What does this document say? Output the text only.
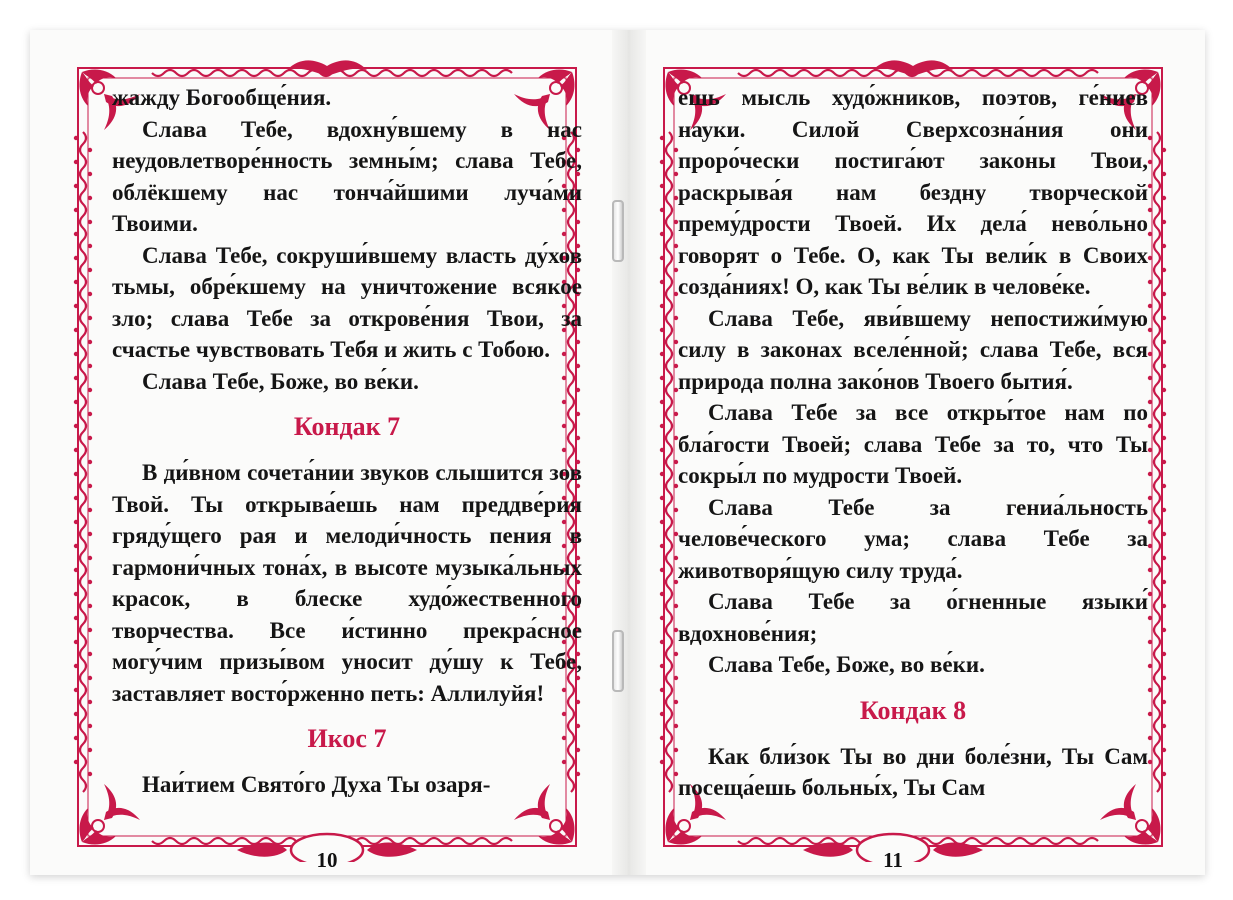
жажду Богообще́ния.

Слава Тебе, вдохну́вшему в нас неудовлетворе́нность земны́м; слава Тебе, облёкшему нас тонча́йшими луча́ми Твоими.

Слава Тебе, сокруши́вшему власть ду́хов тьмы, обре́кшему на уничтожение всякое зло; слава Тебе за открове́ния Твои, за счастье чувствовать Тебя и жить с Тобою.

Слава Тебе, Боже, во ве́ки.

Кондак 7

В ди́вном сочета́нии звуков слышится зов Твой. Ты открыва́ешь нам преддве́рия гряду́щего рая и мелоди́чность пения в гармони́чных тона́х, в высоте музыка́льных красок, в блеске худо́жественного творчества. Все и́стинно прекра́сное могу́чим призы́вом уносит ду́шу к Тебе, заставляет восто́рженно петь: Аллилуйя!

Икос 7

Наи́тием Свято́го Духа Ты озаря-

10

ешь мысль худо́жников, поэтов, ге́ниев науки. Силой Сверхсозна́ния они проро́чески постига́ют законы Твои, раскрыва́я нам бездну творческой прему́дрости Твоей. Их дела́ нево́льно говорят о Тебе. О, как Ты вели́к в Своих созда́ниях! О, как Ты ве́лик в челове́ке.

Слава Тебе, яви́вшему непостижи́мую силу в законах вселе́нной; слава Тебе, вся природа полна зако́нов Твоего бытия́.

Слава Тебе за все откры́тое нам по бла́гости Твоей; слава Тебе за то, что Ты сокры́л по мудрости Твоей.

Слава Тебе за гениа́льность челове́ческого ума; слава Тебе за животворя́щую силу труда́.

Слава Тебе за о́гненные языки́ вдохнове́ния;

Слава Тебе, Боже, во ве́ки.

Кондак 8

Как бли́зок Ты во дни боле́зни, Ты Сам посеща́ешь больны́х, Ты Сам

11
